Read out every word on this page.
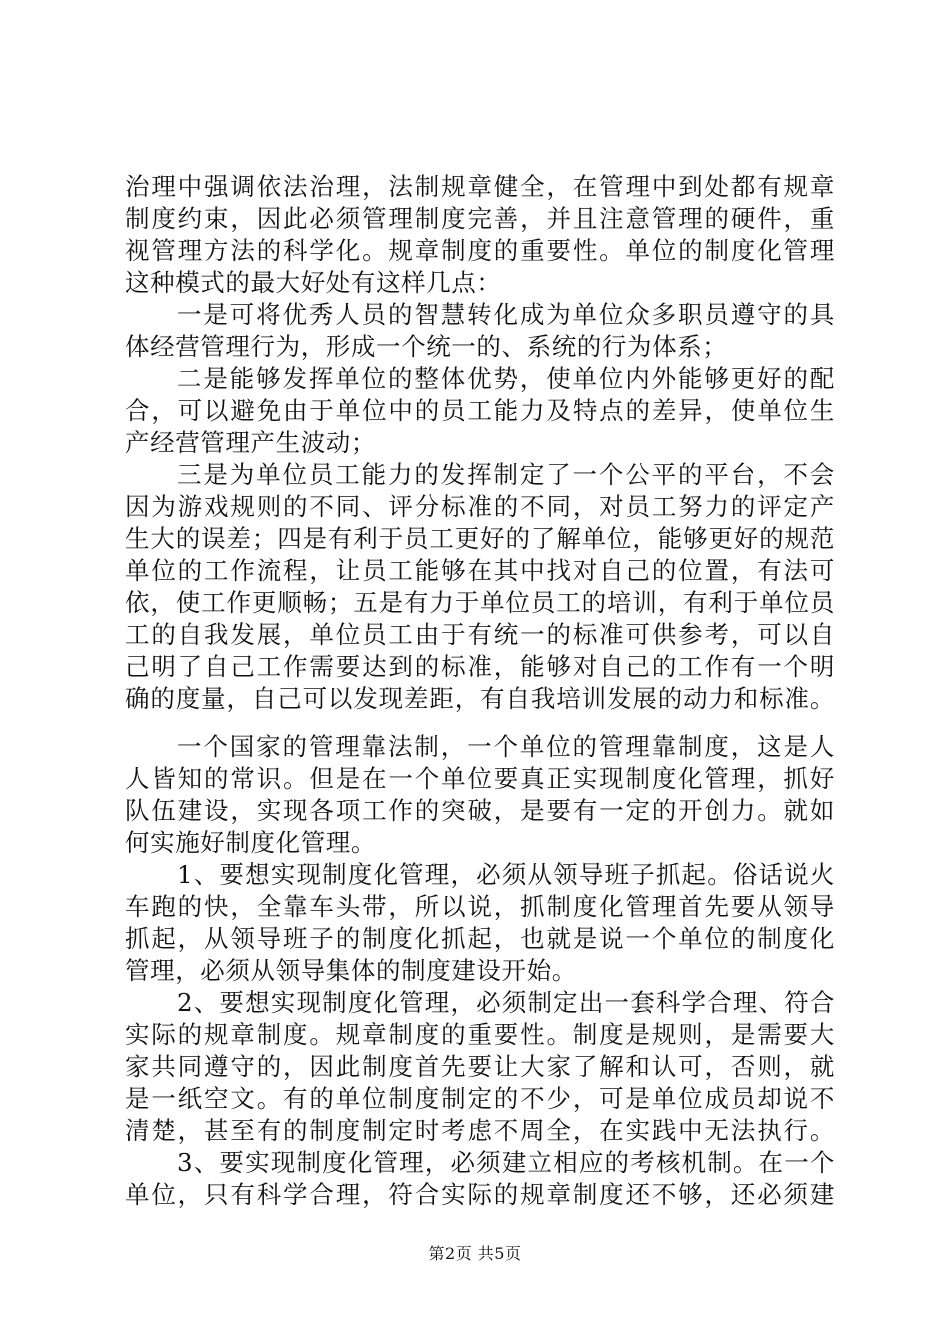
治理中强调依法治理，法制规章健全，在管理中到处都有规章
制度约束，因此必须管理制度完善，并且注意管理的硬件，重
视管理方法的科学化。规章制度的重要性。单位的制度化管理
这种模式的最大好处有这样几点：
一是可将优秀人员的智慧转化成为单位众多职员遵守的具
体经营管理行为，形成一个统一的、系统的行为体系；
二是能够发挥单位的整体优势，使单位内外能够更好的配
合，可以避免由于单位中的员工能力及特点的差异，使单位生
产经营管理产生波动；
三是为单位员工能力的发挥制定了一个公平的平台，不会
因为游戏规则的不同、评分标准的不同，对员工努力的评定产
生大的误差；四是有利于员工更好的了解单位，能够更好的规范
单位的工作流程，让员工能够在其中找对自己的位置，有法可
依，使工作更顺畅；五是有力于单位员工的培训，有利于单位员
工的自我发展，单位员工由于有统一的标准可供参考，可以自
己明了自己工作需要达到的标准，能够对自己的工作有一个明
确的度量，自己可以发现差距，有自我培训发展的动力和标准。
一个国家的管理靠法制，一个单位的管理靠制度，这是人
人皆知的常识。但是在一个单位要真正实现制度化管理，抓好
队伍建设，实现各项工作的突破，是要有一定的开创力。就如
何实施好制度化管理。
1、要想实现制度化管理，必须从领导班子抓起。俗话说火
车跑的快，全靠车头带，所以说，抓制度化管理首先要从领导
抓起，从领导班子的制度化抓起，也就是说一个单位的制度化
管理，必须从领导集体的制度建设开始。
2、要想实现制度化管理，必须制定出一套科学合理、符合
实际的规章制度。规章制度的重要性。制度是规则，是需要大
家共同遵守的，因此制度首先要让大家了解和认可，否则，就
是一纸空文。有的单位制度制定的不少，可是单位成员却说不
清楚，甚至有的制度制定时考虑不周全，在实践中无法执行。
3、要实现制度化管理，必须建立相应的考核机制。在一个
单位，只有科学合理，符合实际的规章制度还不够，还必须建
第2页 共5页
